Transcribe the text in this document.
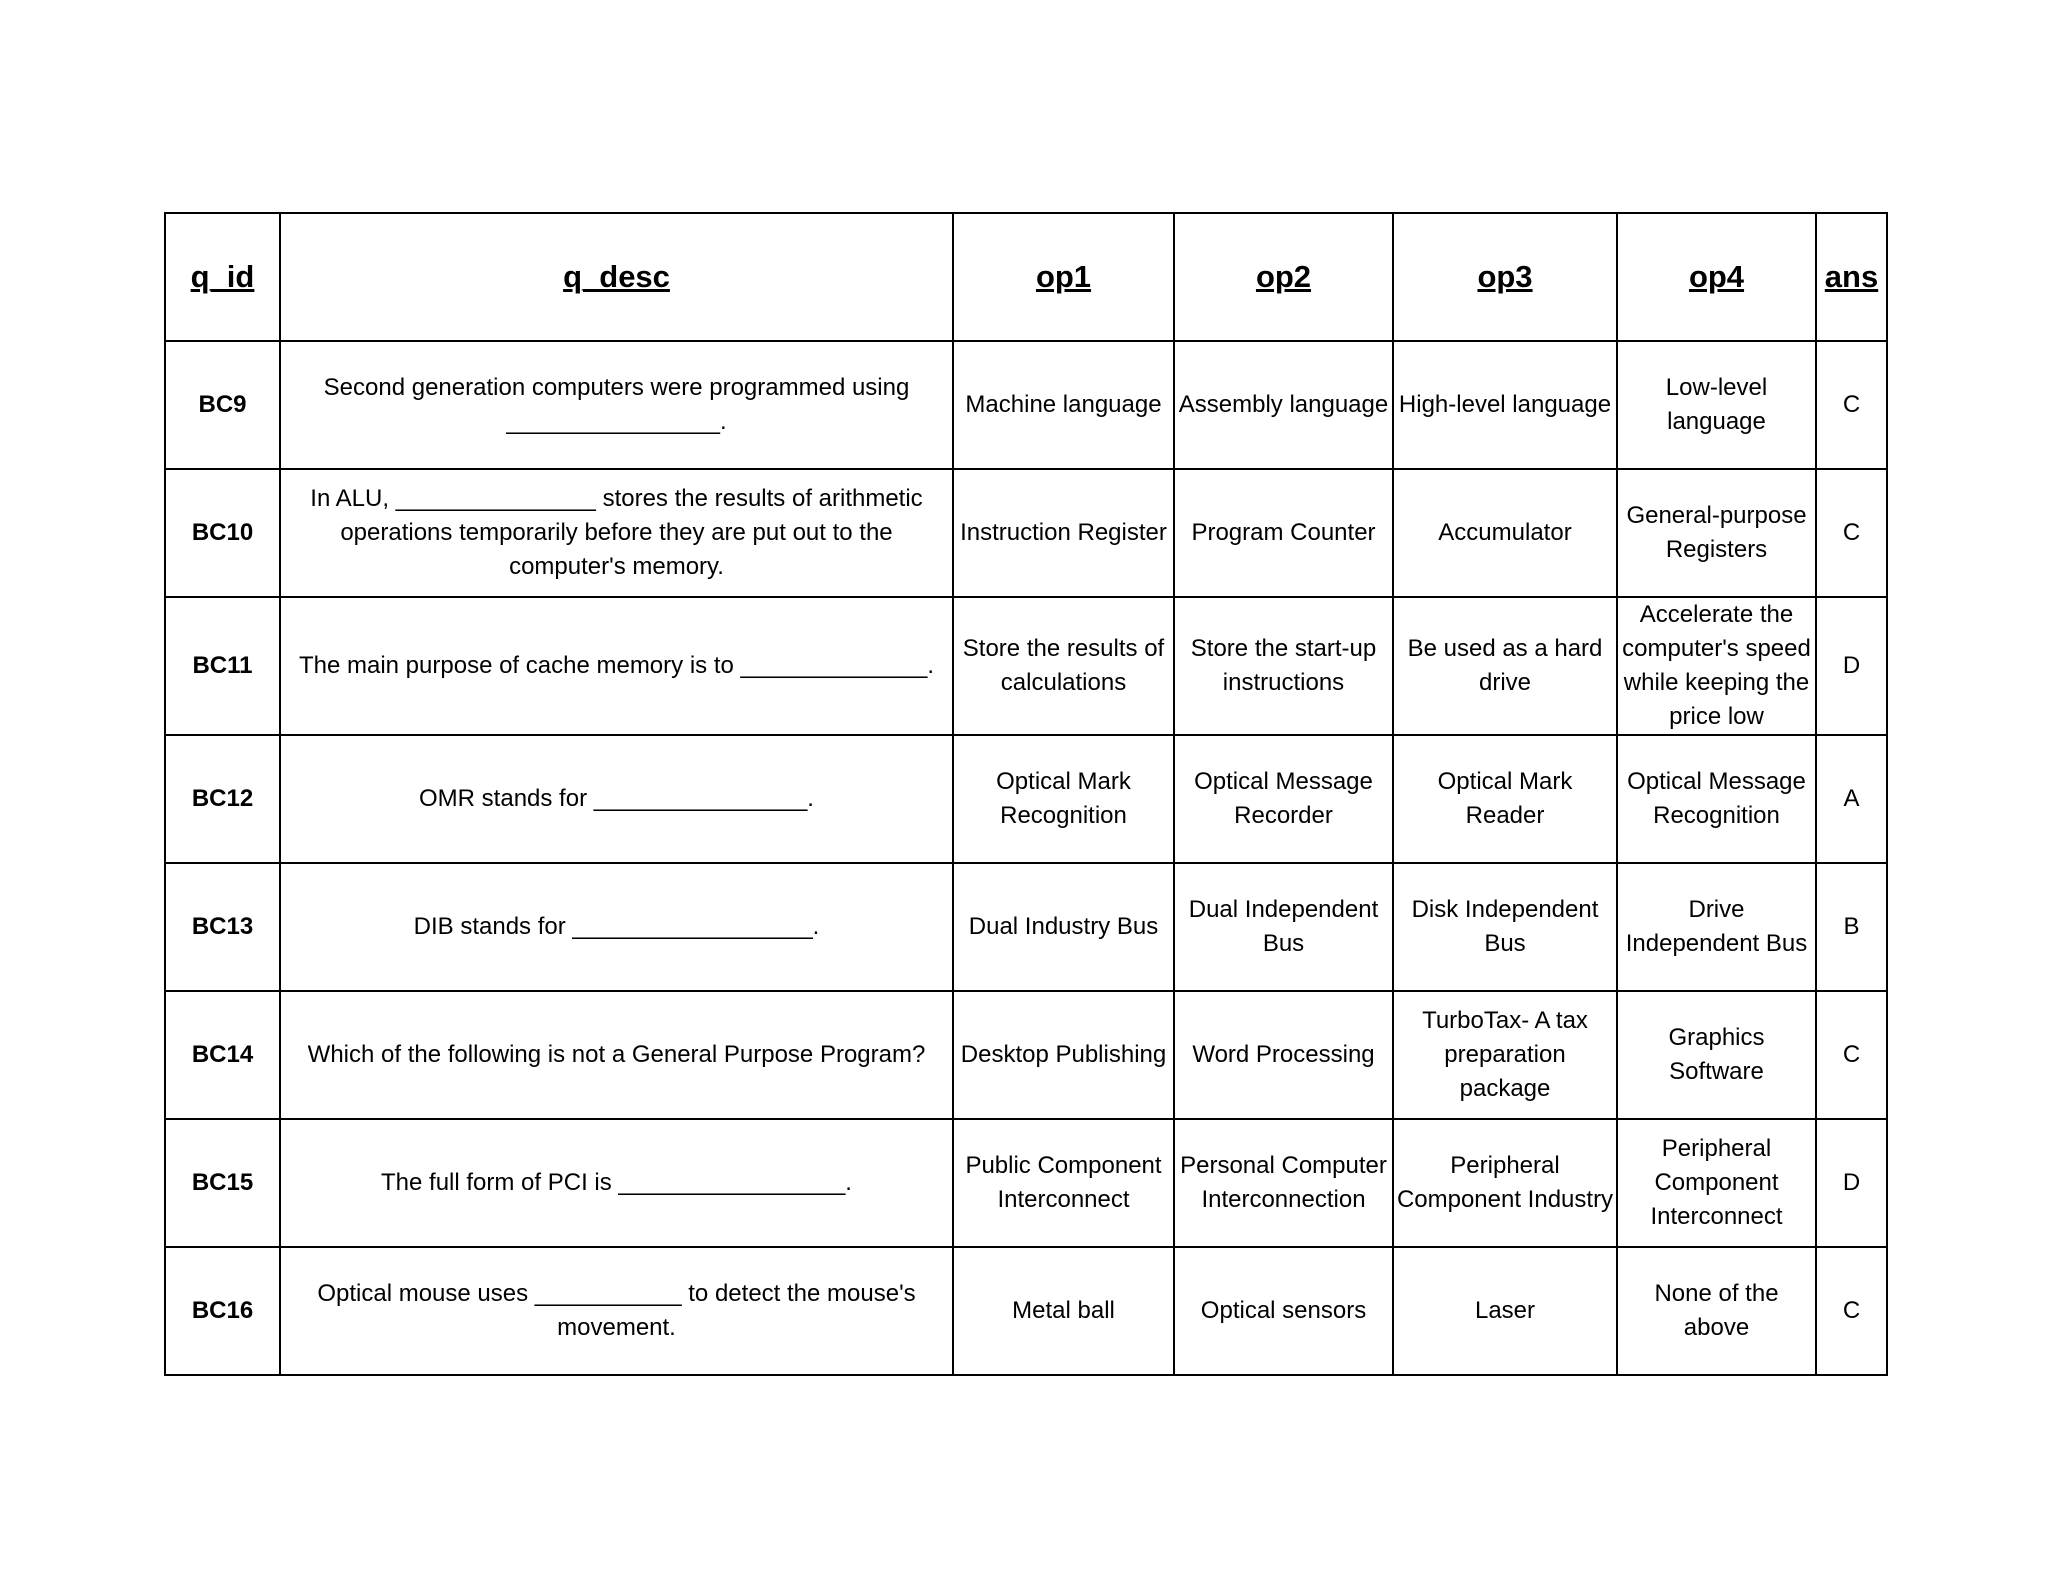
q_id	q_desc	op1	op2	op3	op4	ans
BC9	Second generation computers were programmed using ________________.	Machine language	Assembly language	High-level language	Low-level language	C
BC10	In ALU, _______________ stores the results of arithmetic operations temporarily before they are put out to the computer's memory.	Instruction Register	Program Counter	Accumulator	General-purpose Registers	C
BC11	The main purpose of cache memory is to ______________.	Store the results of calculations	Store the start-up instructions	Be used as a hard drive	Accelerate the computer's speed while keeping the price low	D
BC12	OMR stands for ________________.	Optical Mark Recognition	Optical Message Recorder	Optical Mark Reader	Optical Message Recognition	A
BC13	DIB stands for __________________.	Dual Industry Bus	Dual Independent Bus	Disk Independent Bus	Drive Independent Bus	B
BC14	Which of the following is not a General Purpose Program?	Desktop Publishing	Word Processing	TurboTax- A tax preparation package	Graphics Software	C
BC15	The full form of PCI is _________________.	Public Component Interconnect	Personal Computer Interconnection	Peripheral Component Industry	Peripheral Component Interconnect	D
BC16	Optical mouse uses ___________ to detect the mouse's movement.	Metal ball	Optical sensors	Laser	None of the above	C
